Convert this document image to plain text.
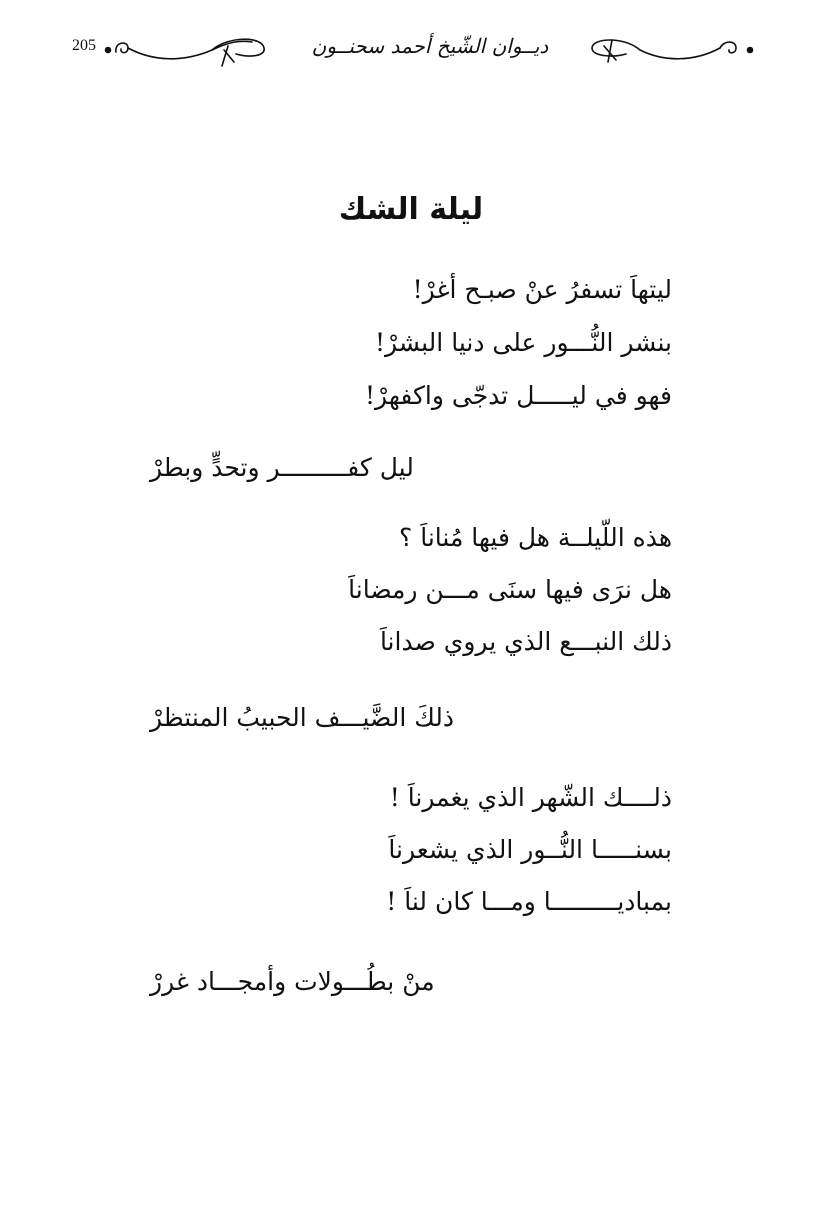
205	ديــوان الشّيخ أحمد سحنــون
ليلة الشك
ليتهاَ تسفرُ عنْ صبـح أغرْ!
بنشر النُّـــور على دنيا البشرْ!
فهو في ليـــــل تدجّى واكفهرْ!
ليل كفـــــــــر وتحدٍّ وبطرْ
هذه اللّيلــة هل فيها مُناناَ ؟
هل نرَى فيها سنَى مـــن رمضاناَ
ذلك النبـــع الذي يروي صداناَ
ذلكَ الضَّيـــف الحبيبُ المنتظرْ
ذلــــك الشّهر الذي يغمرناَ !
بسنـــــا النُّــور الذي يشعرناَ
بمباديـــــــــا ومـــا كان لناَ !
منْ بطُـــولات وأمجـــاد غررْ
